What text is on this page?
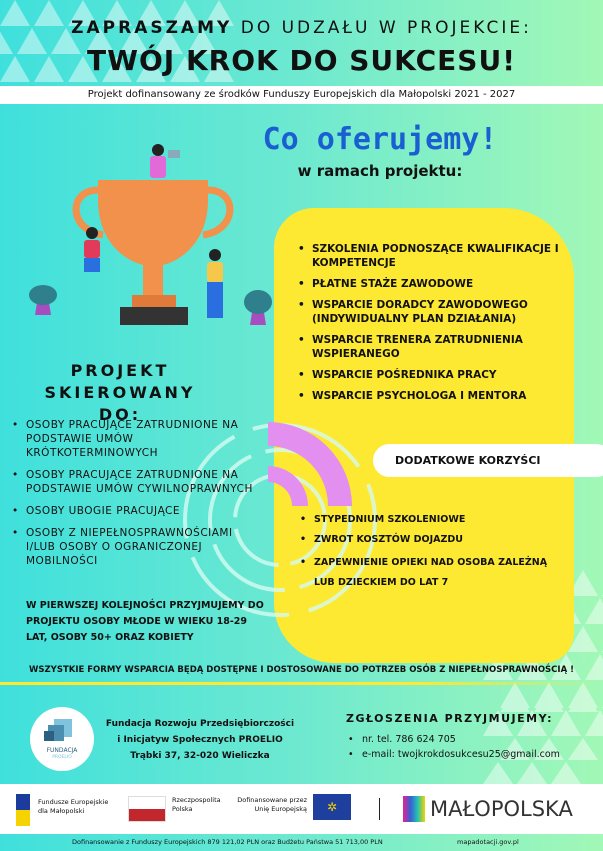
ZAPRASZAMY DO UDZAŁU W PROJEKCIE:
TWÓJ KROK DO SUKCESU!
Projekt dofinansowany ze środków Funduszy Europejskich dla Małopolski 2021 - 2027
Co oferujemy!
w ramach projektu:
• SZKOLENIA PODNOSZĄCE KWALIFIKACJE I KOMPETENCJE
• PŁATNE STAŻE ZAWODOWE
• WSPARCIE DORADCY ZAWODOWEGO (INDYWIDUALNY PLAN DZIAŁANIA)
• WSPARCIE TRENERA ZATRUDNIENIA WSPIERANEGO
• WSPARCIE POŚREDNIKA PRACY
• WSPARCIE PSYCHOLOGA I MENTORA
PROJEKT
SKIEROWANY DO:
• OSOBY PRACUJĄCE ZATRUDNIONE NA PODSTAWIE UMÓW KRÓTKOTERMINOWYCH
• OSOBY PRACUJĄCE ZATRUDNIONE NA PODSTAWIE UMÓW CYWILNOPRAWNYCH
• OSOBY UBOGIE PRACUJĄCE
• OSOBY Z NIEPEŁNOSPRAWNOŚCIAMI I/LUB OSOBY O OGRANICZONEJ MOBILNOŚCI
W PIERWSZEJ KOLEJNOŚCI PRZYJMUJEMY DO PROJEKTU OSOBY MŁODE W WIEKU 18-29 LAT, OSOBY 50+ ORAZ KOBIETY
DODATKOWE KORZYŚCI
• STYPEDNIUM SZKOLENIOWE
• ZWROT KOSZTÓW DOJAZDU
• ZAPEWNIENIE OPIEKI NAD OSOBA ZALEŻNĄ LUB DZIECKIEM DO LAT 7
WSZYSTKIE FORMY WSPARCIA BĘDĄ DOSTĘPNE I DOSTOSOWANE DO POTRZEB OSÓB Z NIEPEŁNOSPRAWNOŚCIĄ !
FUNDACJA
PROELIO
Fundacja Rozwoju Przedsiębiorczości
i Inicjatyw Społecznych PROELIO
Trąbki 37, 32-020 Wieliczka
ZGŁOSZENIA PRZYJMUJEMY:
• nr. tel. 786 624 705
• e-mail: twojkrokdosukcesu25@gmail.com
Fundusze Europejskie dla Małopolski
Rzeczpospolita Polska
Dofinansowane przez Unię Europejską	✲	MAŁOPOLSKA
Dofinansowanie z Funduszy Europejskich 879 121,02 PLN oraz Budżetu Państwa 51 713,00 PLN	mapadotacji.gov.pl
